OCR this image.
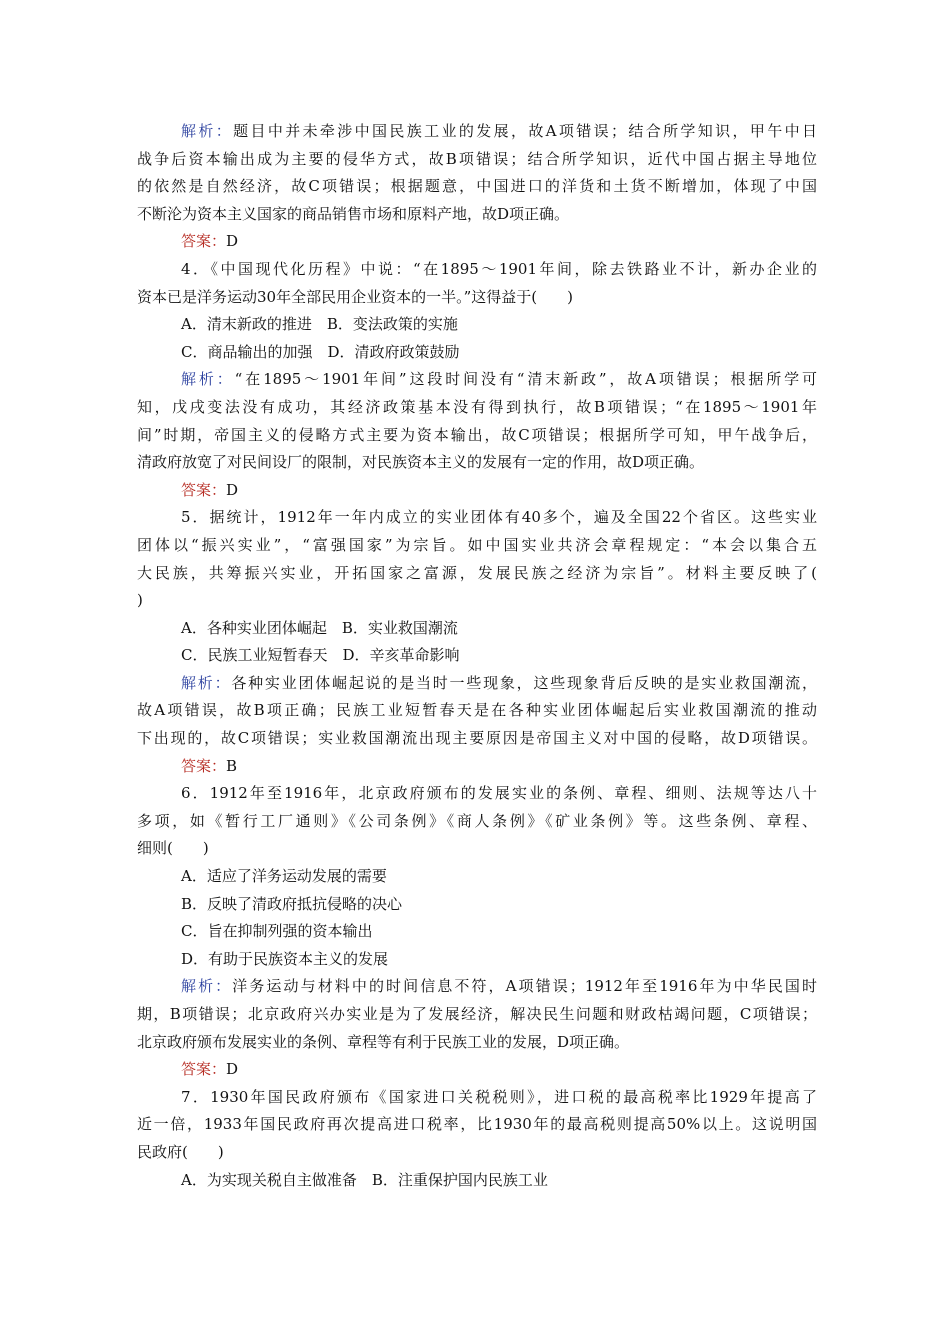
解析：题目中并未牵涉中国民族工业的发展，故A项错误；结合所学知识，甲午中日
战争后资本输出成为主要的侵华方式，故B项错误；结合所学知识，近代中国占据主导地位
的依然是自然经济，故C项错误；根据题意，中国进口的洋货和土货不断增加，体现了中国
不断沦为资本主义国家的商品销售市场和原料产地，故D项正确。
答案：D
4．《中国现代化历程》中说：“在1895～1901年间，除去铁路业不计，新办企业的
资本已是洋务运动30年全部民用企业资本的一半。”这得益于(　　)
A．清末新政的推进　B．变法政策的实施
C．商品输出的加强　D．清政府政策鼓励
解析：“在1895～1901年间”这段时间没有“清末新政”，故A项错误；根据所学可
知，戊戌变法没有成功，其经济政策基本没有得到执行，故B项错误；“在1895～1901年
间”时期，帝国主义的侵略方式主要为资本输出，故C项错误；根据所学可知，甲午战争后，
清政府放宽了对民间设厂的限制，对民族资本主义的发展有一定的作用，故D项正确。
答案：D
5．据统计，1912年一年内成立的实业团体有40多个，遍及全国22个省区。这些实业
团体以“振兴实业”，“富强国家”为宗旨。如中国实业共济会章程规定：“本会以集合五
大民族，共筹振兴实业，开拓国家之富源，发展民族之经济为宗旨”。材料主要反映了(
)
A．各种实业团体崛起　B．实业救国潮流
C．民族工业短暂春天　D．辛亥革命影响
解析：各种实业团体崛起说的是当时一些现象，这些现象背后反映的是实业救国潮流，
故A项错误，故B项正确；民族工业短暂春天是在各种实业团体崛起后实业救国潮流的推动
下出现的，故C项错误；实业救国潮流出现主要原因是帝国主义对中国的侵略，故D项错误。
答案：B
6．1912年至1916年，北京政府颁布的发展实业的条例、章程、细则、法规等达八十
多项，如《暂行工厂通则》《公司条例》《商人条例》《矿业条例》等。这些条例、章程、
细则(　　)
A．适应了洋务运动发展的需要
B．反映了清政府抵抗侵略的决心
C．旨在抑制列强的资本输出
D．有助于民族资本主义的发展
解析：洋务运动与材料中的时间信息不符，A项错误；1912年至1916年为中华民国时
期，B项错误；北京政府兴办实业是为了发展经济，解决民生问题和财政枯竭问题，C项错误；
北京政府颁布发展实业的条例、章程等有利于民族工业的发展，D项正确。
答案：D
7．1930年国民政府颁布《国家进口关税税则》，进口税的最高税率比1929年提高了
近一倍，1933年国民政府再次提高进口税率，比1930年的最高税则提高50%以上。这说明国
民政府(　　)
A．为实现关税自主做准备　B．注重保护国内民族工业
